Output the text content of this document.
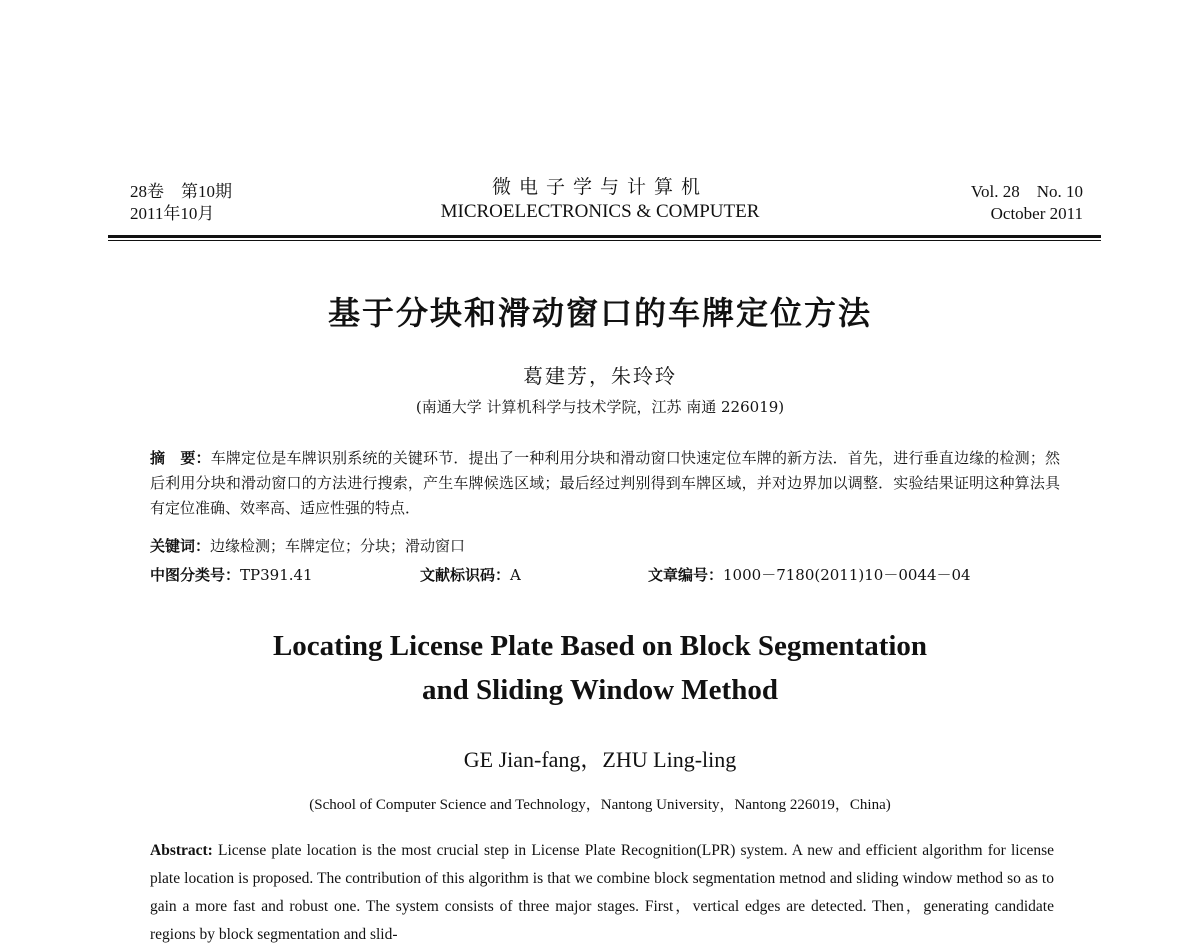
28卷　第10期
2011年10月
微电子学与计算机
MICROELECTRONICS & COMPUTER
Vol. 28　No. 10
October 2011
基于分块和滑动窗口的车牌定位方法
葛建芳，朱玲玲
(南通大学 计算机科学与技术学院，江苏 南通 226019)
摘　要：车牌定位是车牌识别系统的关键环节．提出了一种利用分块和滑动窗口快速定位车牌的新方法．首先，进行垂直边缘的检测；然后利用分块和滑动窗口的方法进行搜索，产生车牌候选区域；最后经过判别得到车牌区域，并对边界加以调整．实验结果证明这种算法具有定位准确、效率高、适应性强的特点．
关键词：边缘检测；车牌定位；分块；滑动窗口
中图分类号：TP391.41	文献标识码：A	文章编号：1000－7180(2011)10－0044－04
Locating License Plate Based on Block Segmentation
and Sliding Window Method
GE Jian-fang，ZHU Ling-ling
(School of Computer Science and Technology，Nantong University，Nantong 226019，China)
Abstract: License plate location is the most crucial step in License Plate Recognition(LPR) system. A new and efficient algorithm for license plate location is proposed. The contribution of this algorithm is that we combine block segmentation metnod and sliding window method so as to gain a more fast and robust one. The system consists of three major stages. First，vertical edges are detected. Then，generating candidate regions by block segmentation and slid-
